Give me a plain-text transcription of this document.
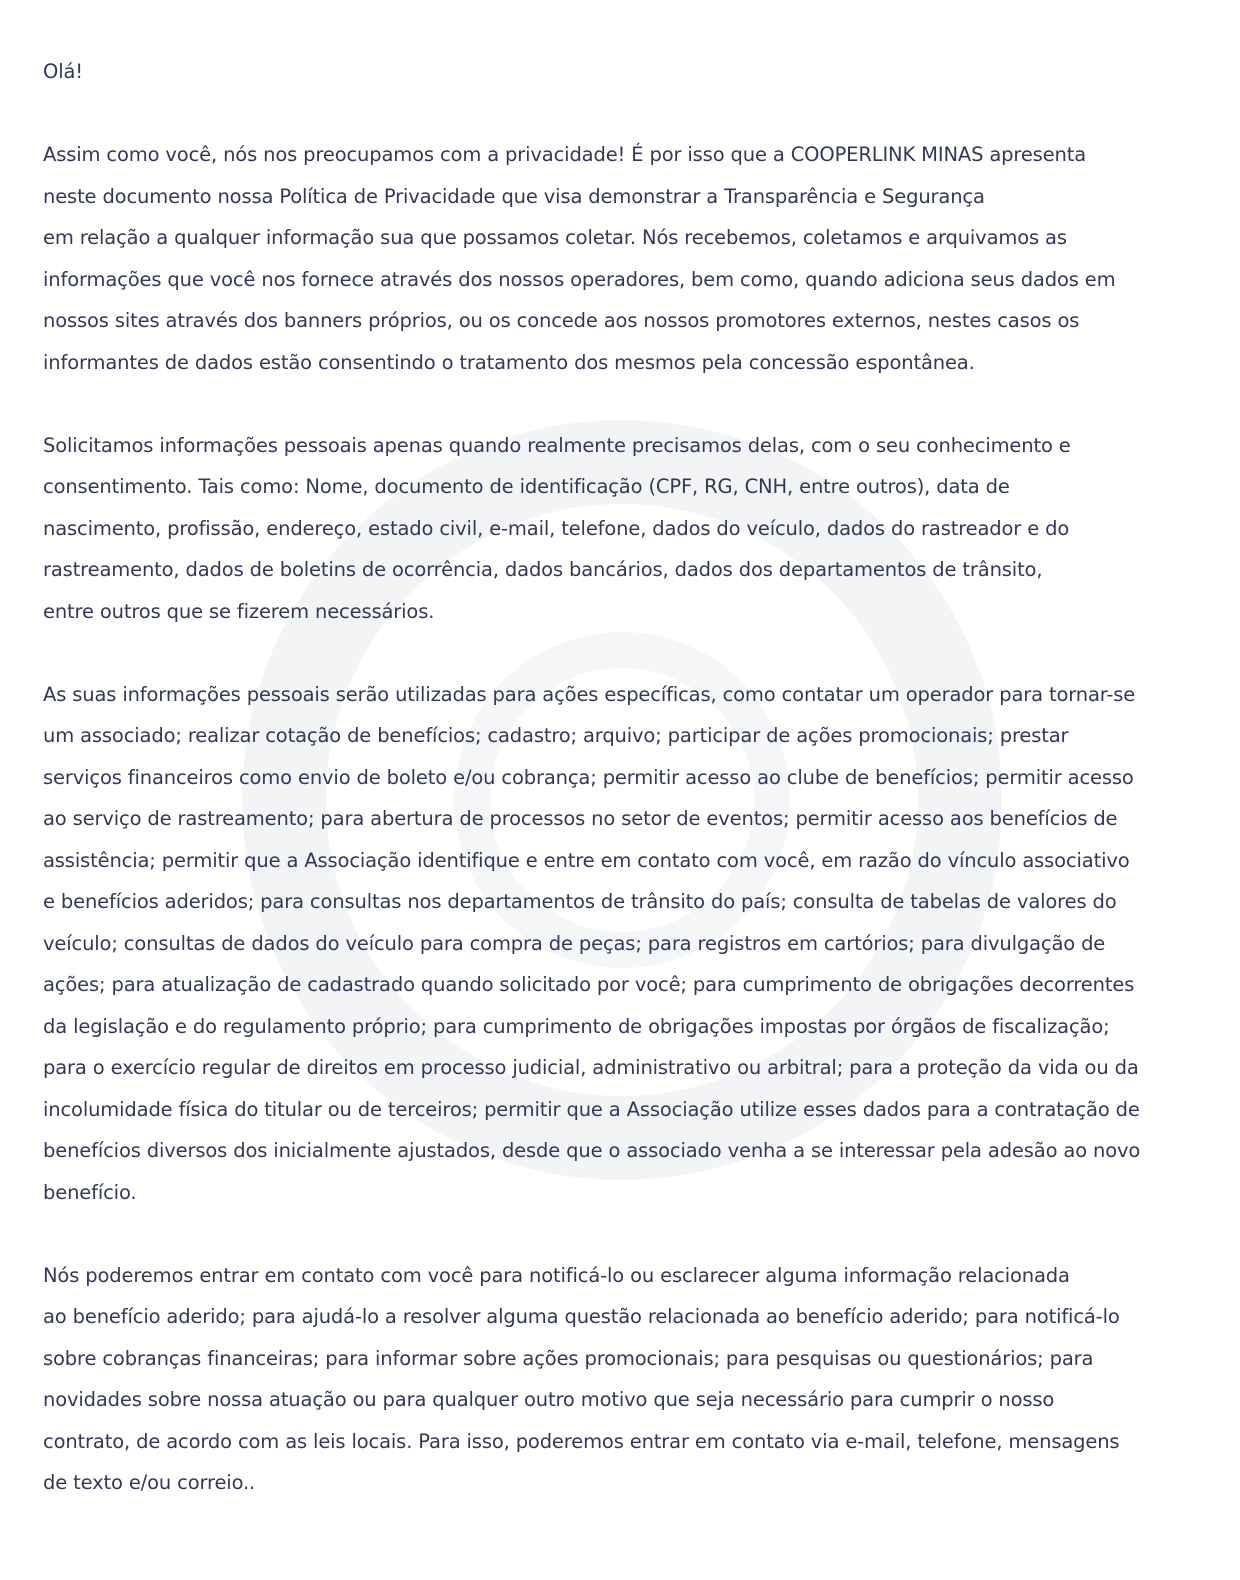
Olá!

Assim como você, nós nos preocupamos com a privacidade! É por isso que a COOPERLINK MINAS apresenta
neste documento nossa Política de Privacidade que visa demonstrar a Transparência e Segurança
em relação a qualquer informação sua que possamos coletar. Nós recebemos, coletamos e arquivamos as
informações que você nos fornece através dos nossos operadores, bem como, quando adiciona seus dados em
nossos sites através dos banners próprios, ou os concede aos nossos promotores externos, nestes casos os
informantes de dados estão consentindo o tratamento dos mesmos pela concessão espontânea.

Solicitamos informações pessoais apenas quando realmente precisamos delas, com o seu conhecimento e
consentimento. Tais como: Nome, documento de identificação (CPF, RG, CNH, entre outros), data de
nascimento, profissão, endereço, estado civil, e-mail, telefone, dados do veículo, dados do rastreador e do
rastreamento, dados de boletins de ocorrência, dados bancários, dados dos departamentos de trânsito,
entre outros que se fizerem necessários.

As suas informações pessoais serão utilizadas para ações específicas, como contatar um operador para tornar-se
um associado; realizar cotação de benefícios; cadastro; arquivo; participar de ações promocionais; prestar
serviços financeiros como envio de boleto e/ou cobrança; permitir acesso ao clube de benefícios; permitir acesso
ao serviço de rastreamento; para abertura de processos no setor de eventos; permitir acesso aos benefícios de
assistência; permitir que a Associação identifique e entre em contato com você, em razão do vínculo associativo
e benefícios aderidos; para consultas nos departamentos de trânsito do país; consulta de tabelas de valores do
veículo; consultas de dados do veículo para compra de peças; para registros em cartórios; para divulgação de
ações; para atualização de cadastrado quando solicitado por você; para cumprimento de obrigações decorrentes
da legislação e do regulamento próprio; para cumprimento de obrigações impostas por órgãos de fiscalização;
para o exercício regular de direitos em processo judicial, administrativo ou arbitral; para a proteção da vida ou da
incolumidade física do titular ou de terceiros; permitir que a Associação utilize esses dados para a contratação de
benefícios diversos dos inicialmente ajustados, desde que o associado venha a se interessar pela adesão ao novo
benefício.

Nós poderemos entrar em contato com você para notificá-lo ou esclarecer alguma informação relacionada
ao benefício aderido; para ajudá-lo a resolver alguma questão relacionada ao benefício aderido; para notificá-lo
sobre cobranças financeiras; para informar sobre ações promocionais; para pesquisas ou questionários; para
novidades sobre nossa atuação ou para qualquer outro motivo que seja necessário para cumprir o nosso
contrato, de acordo com as leis locais. Para isso, poderemos entrar em contato via e-mail, telefone, mensagens
de texto e/ou correio..
